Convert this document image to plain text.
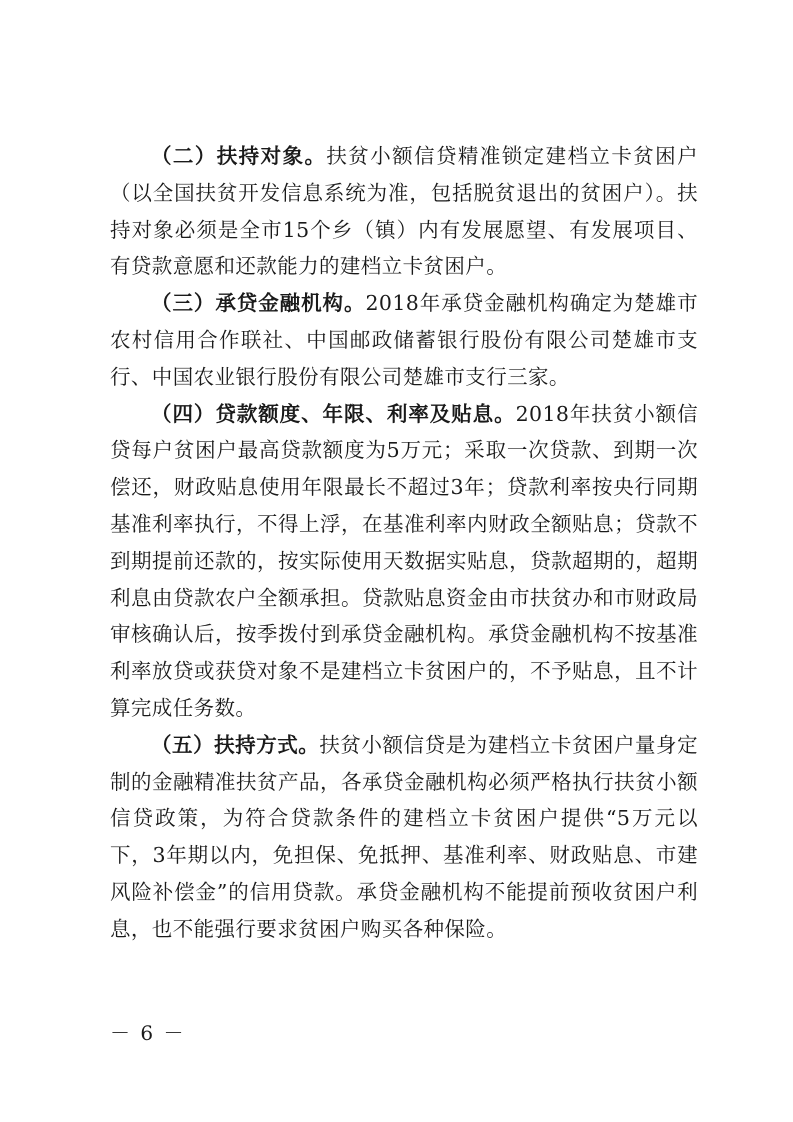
（二）扶持对象。扶贫小额信贷精准锁定建档立卡贫困户（以全国扶贫开发信息系统为准，包括脱贫退出的贫困户）。扶持对象必须是全市15个乡（镇）内有发展愿望、有发展项目、有贷款意愿和还款能力的建档立卡贫困户。

（三）承贷金融机构。2018年承贷金融机构确定为楚雄市农村信用合作联社、中国邮政储蓄银行股份有限公司楚雄市支行、中国农业银行股份有限公司楚雄市支行三家。

（四）贷款额度、年限、利率及贴息。2018年扶贫小额信贷每户贫困户最高贷款额度为5万元；采取一次贷款、到期一次偿还，财政贴息使用年限最长不超过3年；贷款利率按央行同期基准利率执行，不得上浮，在基准利率内财政全额贴息；贷款不到期提前还款的，按实际使用天数据实贴息，贷款超期的，超期利息由贷款农户全额承担。贷款贴息资金由市扶贫办和市财政局审核确认后，按季拨付到承贷金融机构。承贷金融机构不按基准利率放贷或获贷对象不是建档立卡贫困户的，不予贴息，且不计算完成任务数。

（五）扶持方式。扶贫小额信贷是为建档立卡贫困户量身定制的金融精准扶贫产品，各承贷金融机构必须严格执行扶贫小额信贷政策，为符合贷款条件的建档立卡贫困户提供“5万元以下，3年期以内，免担保、免抵押、基准利率、财政贴息、市建风险补偿金”的信用贷款。承贷金融机构不能提前预收贫困户利息，也不能强行要求贫困户购买各种保险。

－ 6 －
